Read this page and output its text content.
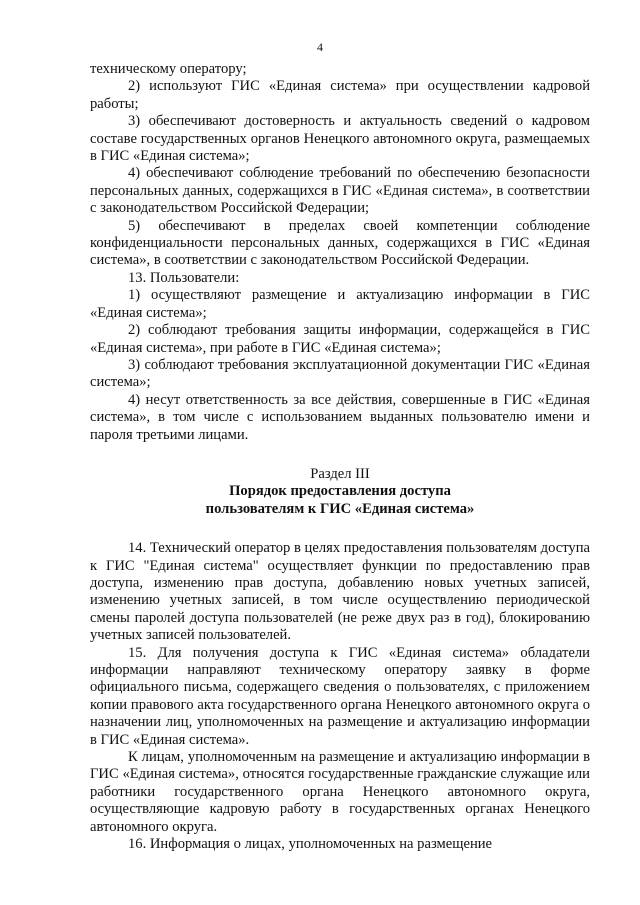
4

техническому оператору;

2) используют ГИС «Единая система» при осуществлении кадровой работы;

3) обеспечивают достоверность и актуальность сведений о кадровом составе государственных органов Ненецкого автономного округа, размещаемых в ГИС «Единая система»;

4) обеспечивают соблюдение требований по обеспечению безопасности персональных данных, содержащихся в ГИС «Единая система», в соответствии с законодательством Российской Федерации;

5) обеспечивают в пределах своей компетенции соблюдение конфиденциальности персональных данных, содержащихся в ГИС «Единая система», в соответствии с законодательством Российской Федерации.

13. Пользователи:

1) осуществляют размещение и актуализацию информации в ГИС «Единая система»;

2) соблюдают требования защиты информации, содержащейся в ГИС «Единая система», при работе в ГИС «Единая система»;

3) соблюдают требования эксплуатационной документации ГИС «Единая система»;

4) несут ответственность за все действия, совершенные в ГИС «Единая система», в том числе с использованием выданных пользователю имени и пароля третьими лицами.

Раздел III

Порядок предоставления доступа

пользователям к ГИС «Единая система»

14. Технический оператор в целях предоставления пользователям доступа к ГИС "Единая система" осуществляет функции по предоставлению прав доступа, изменению прав доступа, добавлению новых учетных записей, изменению учетных записей, в том числе осуществлению периодической смены паролей доступа пользователей (не реже двух раз в год), блокированию учетных записей пользователей.

15. Для получения доступа к ГИС «Единая система» обладатели информации направляют техническому оператору заявку в форме официального письма, содержащего сведения о пользователях, с приложением копии правового акта государственного органа Ненецкого автономного округа о назначении лиц, уполномоченных на размещение и актуализацию информации в ГИС «Единая система».

К лицам, уполномоченным на размещение и актуализацию информации в ГИС «Единая система», относятся государственные гражданские служащие или работники государственного органа Ненецкого автономного округа, осуществляющие кадровую работу в государственных органах Ненецкого автономного округа.

16. Информация о лицах, уполномоченных на размещение
